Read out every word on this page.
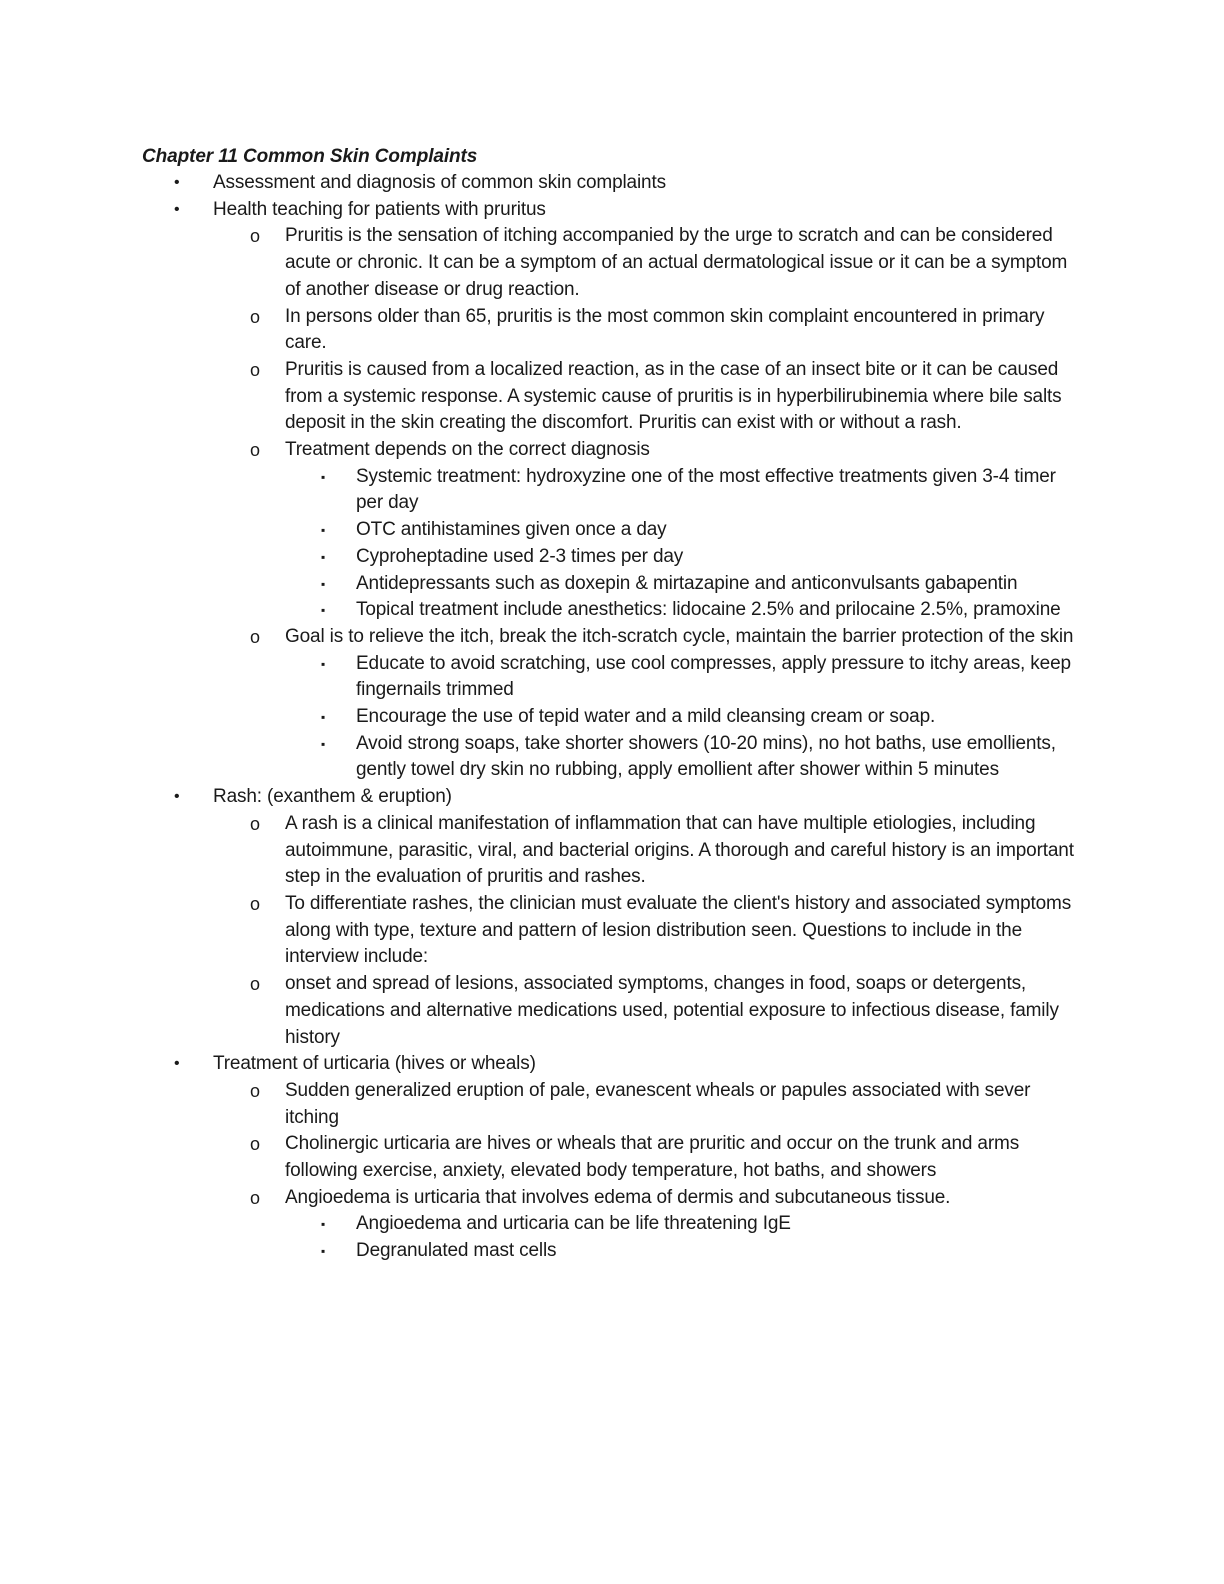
Chapter 11 Common Skin Complaints
• Assessment and diagnosis of common skin complaints
• Health teaching for patients with pruritus
o Pruritis is the sensation of itching accompanied by the urge to scratch and can be considered acute or chronic. It can be a symptom of an actual dermatological issue or it can be a symptom of another disease or drug reaction.
o In persons older than 65, pruritis is the most common skin complaint encountered in primary care.
o Pruritis is caused from a localized reaction, as in the case of an insect bite or it can be caused from a systemic response. A systemic cause of pruritis is in hyperbilirubinemia where bile salts deposit in the skin creating the discomfort. Pruritis can exist with or without a rash.
o Treatment depends on the correct diagnosis
▪ Systemic treatment: hydroxyzine one of the most effective treatments given 3-4 timer per day
▪ OTC antihistamines given once a day
▪ Cyproheptadine used 2-3 times per day
▪ Antidepressants such as doxepin & mirtazapine and anticonvulsants gabapentin
▪ Topical treatment include anesthetics: lidocaine 2.5% and prilocaine 2.5%, pramoxine
o Goal is to relieve the itch, break the itch-scratch cycle, maintain the barrier protection of the skin
▪ Educate to avoid scratching, use cool compresses, apply pressure to itchy areas, keep fingernails trimmed
▪ Encourage the use of tepid water and a mild cleansing cream or soap.
▪ Avoid strong soaps, take shorter showers (10-20 mins), no hot baths, use emollients, gently towel dry skin no rubbing, apply emollient after shower within 5 minutes
• Rash: (exanthem & eruption)
o A rash is a clinical manifestation of inflammation that can have multiple etiologies, including autoimmune, parasitic, viral, and bacterial origins. A thorough and careful history is an important step in the evaluation of pruritis and rashes.
o To differentiate rashes, the clinician must evaluate the client's history and associated symptoms along with type, texture and pattern of lesion distribution seen. Questions to include in the interview include:
o onset and spread of lesions, associated symptoms, changes in food, soaps or detergents, medications and alternative medications used, potential exposure to infectious disease, family history
• Treatment of urticaria (hives or wheals)
o Sudden generalized eruption of pale, evanescent wheals or papules associated with sever itching
o Cholinergic urticaria are hives or wheals that are pruritic and occur on the trunk and arms following exercise, anxiety, elevated body temperature, hot baths, and showers
o Angioedema is urticaria that involves edema of dermis and subcutaneous tissue.
▪ Angioedema and urticaria can be life threatening IgE
▪ Degranulated mast cells
